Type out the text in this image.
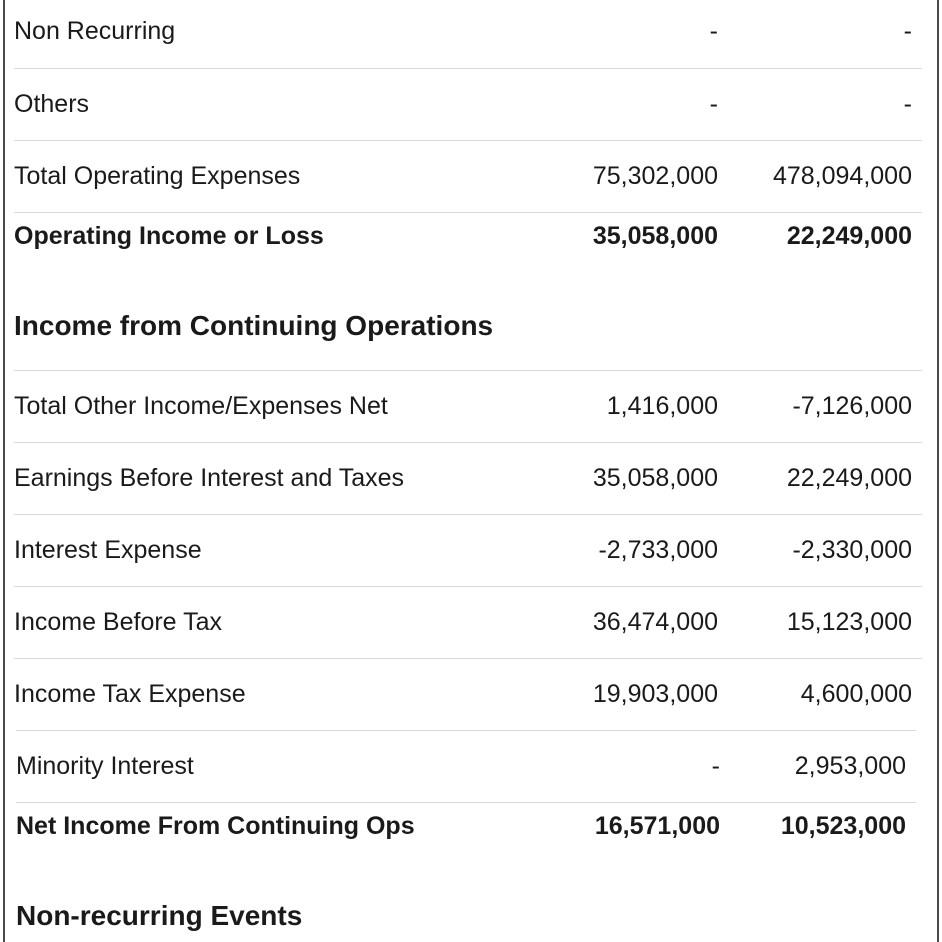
Non Recurring	-	-
Others	-	-
Total Operating Expenses	75,302,000 478,094,000
Operating Income or Loss	35,058,000	22,249,000
Income from Continuing Operations
Total Other Income/Expenses Net	1,416,000	-7,126,000
Earnings Before Interest and Taxes	35,058,000	22,249,000
Interest Expense	-2,733,000	-2,330,000
Income Before Tax	36,474,000	15,123,000
Income Tax Expense	19,903,000	4,600,000
Minority Interest	-	2,953,000
Net Income From Continuing Ops	16,571,000 10,523,000
Non-recurring Events
